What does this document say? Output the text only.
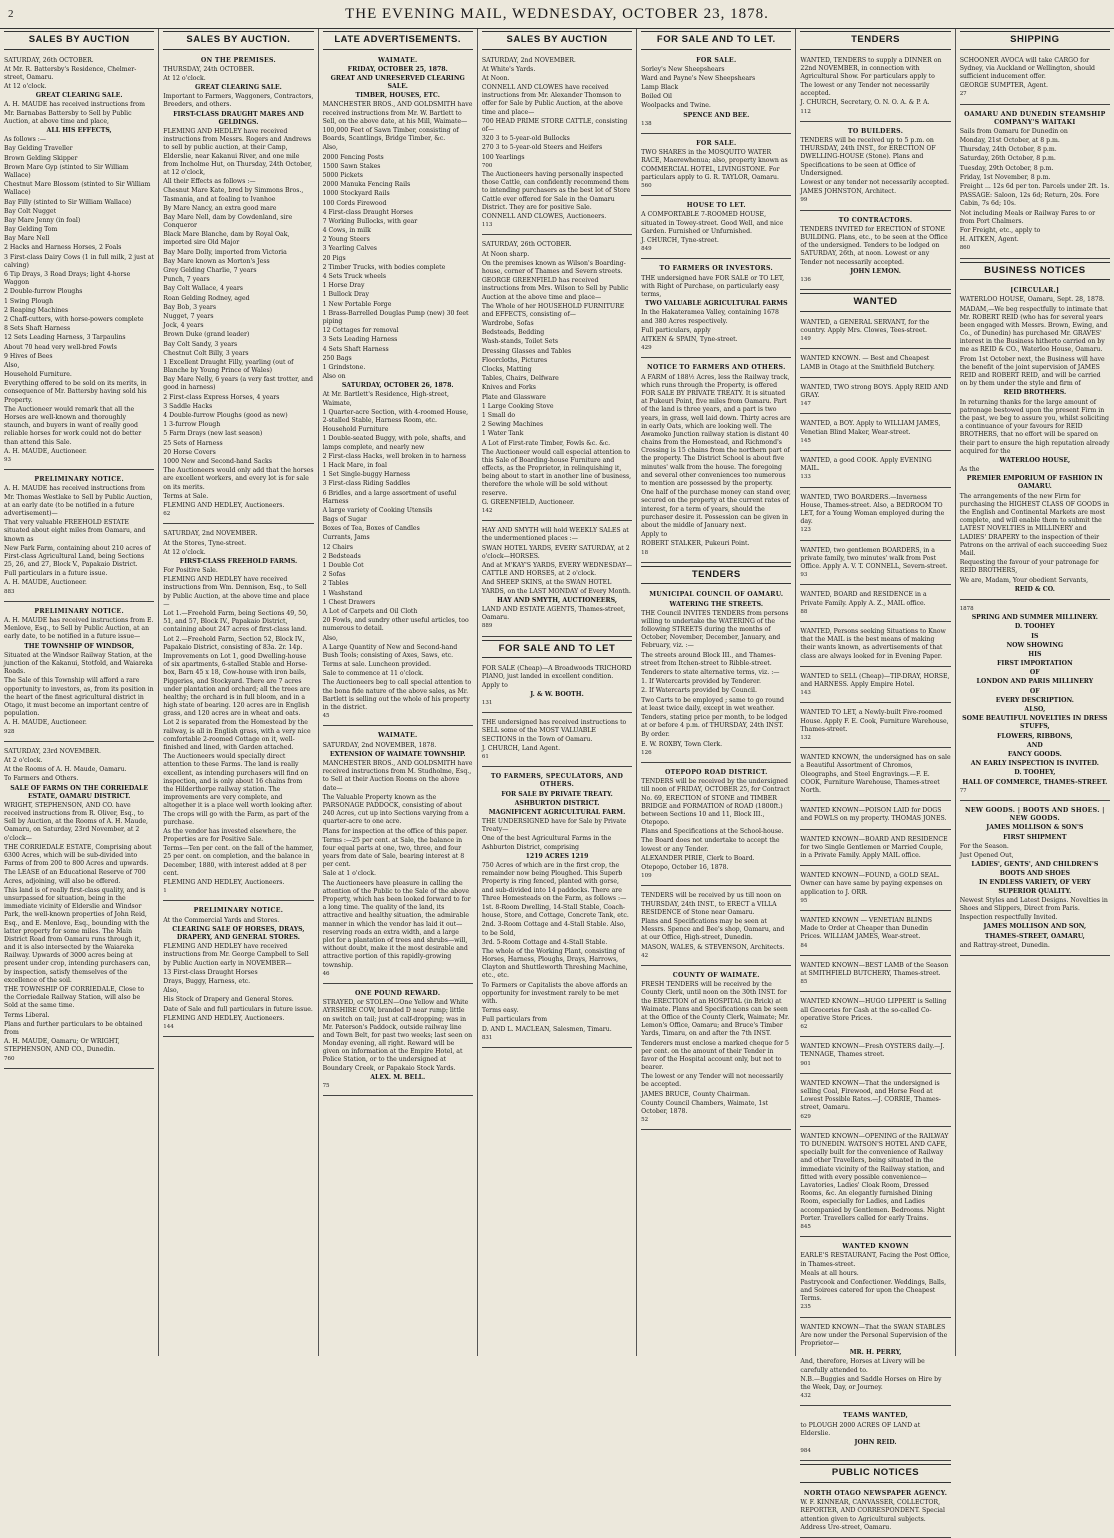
2	THE EVENING MAIL, WEDNESDAY, OCTOBER 23, 1878.
SALES BY AUCTION

SATURDAY, 26th OCTOBER.

At Mr. R. Battersby's Residence, Chelmer-street, Oamaru.

At 12 o'clock.

GREAT CLEARING SALE.

A. H. MAUDE has received instructions from Mr. Barnabas Battersby to Sell by Public Auction, at above time and place,

ALL HIS EFFECTS,

As follows :—

Bay Gelding Traveller

Brown Gelding Skipper

Brown Mare Gyp (stinted to Sir William Wallace)

Chestnut Mare Blossom (stinted to Sir William Wallace)

Bay Filly (stinted to Sir William Wallace)

Bay Colt Nugget

Bay Mare Jenny (in foal)

Bay Gelding Tom

Bay Mare Nell

2 Hacks and Harness Horses, 2 Foals

3 First-class Dairy Cows (1 in full milk, 2 just at calving)

6 Tip Drays, 3 Road Drays; light 4-horse Waggon

2 Double-furrow Ploughs

1 Swing Plough

2 Reaping Machines

2 Chaff-cutters, with horse-powers complete

8 Sets Shaft Harness

12 Sets Leading Harness, 3 Tarpaulins

About 70 head very well-bred Fowls

9 Hives of Bees

Also,

Household Furniture.

Everything offered to be sold on its merits, in consequence of Mr. Battersby having sold his Property.

The Auctioneer would remark that all the Horses are well-known and thoroughly staunch, and buyers in want of really good reliable horses for work could not do better than attend this Sale.

A. H. MAUDE, Auctioneer.

93

PRELIMINARY NOTICE.

A. H. MAUDE has received instructions from Mr. Thomas Westlake to Sell by Public Auction, at an early date (to be notified in a future advertisement)—

That very valuable FREEHOLD ESTATE situated about eight miles from Oamaru, and known as

New Park Farm, containing about 210 acres of First-class Agricultural Land, being Sections 25, 26, and 27, Block V., Papakaio District.

Full particulars in a future issue.

A. H. MAUDE, Auctioneer.

883

PRELIMINARY NOTICE.

A. H. MAUDE has received instructions from E. Menlove, Esq., to Sell by Public Auction, at an early date, to be notified in a future issue—

THE TOWNSHIP OF WINDSOR,

Situated at the Windsor Railway Station, at the junction of the Kakanui, Stotfold, and Waiareka Roads.

The Sale of this Township will afford a rare opportunity to investors, as, from its position in the heart of the finest agricultural district in Otago, it must become an important centre of population.

A. H. MAUDE, Auctioneer.

928

SATURDAY, 23rd NOVEMBER.

At 2 o'clock.

At the Rooms of A. H. Maude, Oamaru.

To Farmers and Others.

SALE OF FARMS ON THE CORRIEDALE ESTATE, OAMARU DISTRICT.

WRIGHT, STEPHENSON, AND CO. have received instructions from R. Oliver, Esq., to Sell by Auction, at the Rooms of A. H. Maude, Oamaru, on Saturday, 23rd November, at 2 o'clock—

THE CORRIEDALE ESTATE, Comprising about 6300 Acres, which will be sub-divided into Farms of from 200 to 800 Acres and upwards.

The LEASE of an Educational Reserve of 700 Acres, adjoining, will also be offered.

This land is of really first-class quality, and is unsurpassed for situation, being in the immediate vicinity of Elderslie and Windsor Park, the well-known properties of John Reid, Esq., and E. Menlove, Esq., bounding with the latter property for some miles. The Main District Road from Oamaru runs through it, and it is also intersected by the Waiareka Railway. Upwards of 3000 acres being at present under crop, intending purchasers can, by inspection, satisfy themselves of the excellence of the soil.

THE TOWNSHIP OF CORRIEDALE, Close to the Corriedale Railway Station, will also be Sold at the same time.

Terms Liberal.

Plans and further particulars to be obtained from

A. H. MAUDE, Oamaru; Or WRIGHT, STEPHENSON, AND CO., Dunedin.

760

SALES BY AUCTION.

ON THE PREMISES.

THURSDAY, 24th OCTOBER.

At 12 o'clock.

GREAT CLEARING SALE.

Important to Farmers, Waggoners, Contractors, Breeders, and others.

FIRST-CLASS DRAUGHT MARES AND GELDINGS.

FLEMING AND HEDLEY have received instructions from Messrs. Rogers and Andrews to sell by public auction, at their Camp, Elderslie, near Kakanui River, and one mile from Incholme Hut, on Thursday, 24th October, at 12 o'clock,

All their Effects as follows :—

Chesnut Mare Kate, bred by Simmons Bros., Tasmania, and at foaling to Ivanhoe

By Mare Nancy, an extra good mare

Bay Mare Nell, dam by Cowdenland, sire Conqueror

Black Mare Blanche, dam by Royal Oak, imported sire Old Major

Bay Mare Dolly, imported from Victoria

Bay Mare known as Morton's Jess

Grey Gelding Charlie, 7 years

Punch, 7 years

Bay Colt Wallace, 4 years

Roan Gelding Rodney, aged

Bay Bob, 3 years

Nugget, 7 years

Jock, 4 years

Brown Duke (grand leader)

Bay Colt Sandy, 3 years

Chestnut Colt Billy, 3 years

1 Excellent Draught Filly, yearling (out of Blanche by Young Prince of Wales)

Bay Mare Nelly, 6 years (a very fast trotter, and good in harness)

2 First-class Express Horses, 4 years

3 Saddle Hacks

4 Double-furrow Ploughs (good as new)

1 3-furrow Plough

5 Farm Drays (new last season)

25 Sets of Harness

20 Horse Covers

1000 New and Second-hand Sacks

The Auctioneers would only add that the horses are excellent workers, and every lot is for sale on its merits.

Terms at Sale.

FLEMING AND HEDLEY, Auctioneers.

62

SATURDAY, 2nd NOVEMBER.

At the Stores, Tyne-street.

At 12 o'clock.

FIRST-CLASS FREEHOLD FARMS.

For Positive Sale.

FLEMING AND HEDLEY have received instructions from Wm. Dennison, Esq., to Sell by Public Auction, at the above time and place—

Lot 1.—Freehold Farm, being Sections 49, 50, 51, and 57, Block IV., Papakaio District, containing about 247 acres of first-class land.

Lot 2.—Freehold Farm, Section 52, Block IV., Papakaio District, consisting of 83a. 2r. 14p.

Improvements on Lot 1, good Dwelling-house of six apartments, 6-stalled Stable and Horse-box, Barn 45 x 18, Cow-house with iron bails, Piggeries, and Stockyard. There are 7 acres under plantation and orchard; all the trees are healthy; the orchard is in full bloom, and in a high state of bearing. 120 acres are in English grass, and 120 acres are in wheat and oats.

Lot 2 is separated from the Homestead by the railway, is all in English grass, with a very nice comfortable 2-roomed Cottage on it, well-finished and lined, with Garden attached.

The Auctioneers would specially direct attention to these Farms. The land is really excellent, as intending purchasers will find on inspection, and is only about 16 chains from the Hilderthorpe railway station. The improvements are very complete, and altogether it is a place well worth looking after. The crops will go with the Farm, as part of the purchase.

As the vendor has invested elsewhere, the Properties are for Positive Sale.

Terms—Ten per cent. on the fall of the hammer, 25 per cent. on completion, and the balance in December, 1880, with interest added at 8 per cent.

FLEMING AND HEDLEY, Auctioneers.

1

PRELIMINARY NOTICE.

At the Commercial Yards and Stores.

CLEARING SALE OF HORSES, DRAYS, DRAPERY, AND GENERAL STORES.

FLEMING AND HEDLEY have received instructions from Mr. George Campbell to Sell by Public Auction early in NOVEMBER—

13 First-class Draught Horses

Drays, Buggy, Harness, etc.

Also,

His Stock of Drapery and General Stores.

Date of Sale and full particulars in future issue.

FLEMING AND HEDLEY, Auctioneers.

144

LATE ADVERTISEMENTS.

WAIMATE.

FRIDAY, OCTOBER 25, 1878.

GREAT AND UNRESERVED CLEARING SALE.

TIMBER, HOUSES, ETC.

MANCHESTER BROS., AND GOLDSMITH have received instructions from Mr. W. Bartlett to Sell, on the above date, at his Mill, Waimate—

100,000 Feet of Sawn Timber, consisting of Boards, Scantlings, Bridge Timber, &c.

Also,

2000 Fencing Posts

1500 Sawn Stakes

5000 Pickets

2000 Manuka Fencing Rails

1000 Stockyard Rails

100 Cords Firewood

4 First-class Draught Horses

7 Working Bullocks, with gear

4 Cows, in milk

2 Young Steers

3 Yearling Calves

20 Pigs

2 Timber Trucks, with bodies complete

4 Sets Truck wheels

1 Horse Dray

1 Bullock Dray

1 New Portable Forge

1 Brass-Barrelled Douglas Pump (new) 30 feet piping

12 Cottages for removal

3 Sets Leading Harness

4 Sets Shaft Harness

250 Bags

1 Grindstone.

Also on

SATURDAY, OCTOBER 26, 1878.

At Mr. Bartlett's Residence, High-street, Waimate,

1 Quarter-acre Section, with 4-roomed House, 2-stalled Stable, Harness Room, etc.

Household Furniture

1 Double-seated Buggy, with pole, shafts, and lamps complete, and nearly new

2 First-class Hacks, well broken in to harness

1 Hack Mare, in foal

1 Set Single-buggy Harness

3 First-class Riding Saddles

6 Bridles, and a large assortment of useful Harness

A large variety of Cooking Utensils

Bags of Sugar

Boxes of Tea, Boxes of Candles

Currants, Jams

12 Chairs

2 Bedsteads

1 Double Cot

2 Sofas

2 Tables

1 Washstand

1 Chest Drawers

A Lot of Carpets and Oil Cloth

20 Fowls, and sundry other useful articles, too numerous to detail.

Also,

A Large Quantity of New and Second-hand Bush Tools; consisting of Axes, Saws, etc.

Terms at sale. Luncheon provided.

Sale to commence at 11 o'clock.

The Auctioneers beg to call special attention to the bona fide nature of the above sales, as Mr. Bartlett is selling out the whole of his property in the district.

45

WAIMATE.

SATURDAY, 2nd NOVEMBER, 1878.

EXTENSION OF WAIMATE TOWNSHIP.

MANCHESTER BROS., AND GOLDSMITH have received instructions from M. Studholme, Esq., to Sell at their Auction Rooms on the above date—

The Valuable Property known as the PARSONAGE PADDOCK, consisting of about 240 Acres, cut up into Sections varying from a quarter-acre to one acre.

Plans for inspection at the office of this paper.

Terms :—25 per cent. at Sale, the balance in four equal parts at one, two, three, and four years from date of Sale, bearing interest at 8 per cent.

Sale at 1 o'clock.

The Auctioneers have pleasure in calling the attention of the Public to the Sale of the above Property, which has been looked forward to for a long time. The quality of the land, its attractive and healthy situation, the admirable manner in which the vendor has laid it out—reserving roads an extra width, and a large plot for a plantation of trees and shrubs—will, without doubt, make it the most desirable and attractive portion of this rapidly-growing township.

46

ONE POUND REWARD.

STRAYED, or STOLEN—One Yellow and White AYRSHIRE COW, branded D near rump; little on switch on tail; just at calf-dropping; was in Mr. Paterson's Paddock, outside railway line and Town Belt, for past two weeks; last seen on Monday evening, all right. Reward will be given on information at the Empire Hotel, at Police Station, or to the undersigned at Boundary Creek, or Papakaio Stock Yards.

ALEX. M. BELL.

75

SALES BY AUCTION

SATURDAY, 2nd NOVEMBER.

At White's Yards.

At Noon.

CONNELL AND CLOWES have received instructions from Mr. Alexander Thomson to offer for Sale by Public Auction, at the above time and place—

700 HEAD PRIME STORE CATTLE, consisting of—

320 3 to 5-year-old Bullocks

270 3 to 5-year-old Steers and Heifers

100 Yearlings

700

The Auctioneers having personally inspected those Cattle, can confidently recommend them to intending purchasers as the best lot of Store Cattle ever offered for Sale in the Oamaru District. They are for positive Sale.

CONNELL AND CLOWES, Auctioneers.

113

SATURDAY, 26th OCTOBER.

At Noon sharp.

On the premises known as Wilson's Boarding-house, corner of Thames and Severn streets.

GEORGE GREENFIELD has received instructions from Mrs. Wilson to Sell by Public Auction at the above time and place—

The Whole of her HOUSEHOLD FURNITURE and EFFECTS, consisting of—

Wardrobe, Sofas

Bedsteads, Bedding

Wash-stands, Toilet Sets

Dressing Glasses and Tables

Floorcloths, Pictures

Clocks, Matting

Tables, Chairs, Delfware

Knives and Forks

Plate and Glassware

1 Large Cooking Stove

1 Small do

2 Sewing Machines

1 Water Tank

A Lot of First-rate Timber, Fowls &c. &c.

The Auctioneer would call especial attention to this Sale of Boarding-house Furniture and effects, as the Proprietor, in relinquishing it, being about to start in another line of business, therefore the whole will be sold without reserve.

G. GREENFIELD, Auctioneer.

142

HAY AND SMYTH will hold WEEKLY SALES at the undermentioned places :—

SWAN HOTEL YARDS, EVERY SATURDAY, at 2 o'clock—HORSES.

And at M'KAY'S YARDS, EVERY WEDNESDAY—CATTLE AND HORSES, at 2 o'clock.

And SHEEP SKINS, at the SWAN HOTEL YARDS, on the LAST MONDAY of Every Month.

HAY AND SMYTH, AUCTIONEERS,

LAND AND ESTATE AGENTS, Thames-street, Oamaru.

889

FOR SALE AND TO LET

FOR SALE (Cheap)—A Broadwoods TRICHORD PIANO, just landed in excellent condition. Apply to

J. & W. BOOTH.

131

THE undersigned has received instructions to SELL some of the MOST VALUABLE SECTIONS in the Town of Oamaru.

J. CHURCH, Land Agent.

61

TO FARMERS, SPECULATORS, AND OTHERS.

FOR SALE BY PRIVATE TREATY.

ASHBURTON DISTRICT.

MAGNIFICENT AGRICULTURAL FARM.

THE UNDERSIGNED have for Sale by Private Treaty—

One of the best Agricultural Farms in the Ashburton District, comprising

1219 ACRES 1219

750 Acres of which are in the first crop, the remainder now being Ploughed. This Superb Property is ring fenced, planted with gorse, and sub-divided into 14 paddocks. There are Three Homesteads on the Farm, as follows :—

1st. 8-Room Dwelling, 14-Stall Stable, Coach-house, Store, and Cottage, Concrete Tank, etc.

2nd. 3-Room Cottage and 4-Stall Stable. Also, to be Sold,

3rd. 5-Room Cottage and 4-Stall Stable.

The whole of the Working Plant, consisting of Horses, Harness, Ploughs, Drays, Harrows, Clayton and Shuttleworth Threshing Machine, etc., etc.

To Farmers or Capitalists the above affords an opportunity for investment rarely to be met with.

Terms easy.

Full particulars from

D. AND L. MACLEAN, Salesmen, Timaru.

831

FOR SALE AND TO LET.

FOR SALE.

Sorley's New Sheepshears

Ward and Payne's New Sheepshears

Lamp Black

Boiled Oil

Woolpacks and Twine.

SPENCE AND BEE.

138

FOR SALE.

TWO SHARES in the MOSQUITO WATER RACE, Maerewhenua; also, property known as COMMERCIAL HOTEL, LIVINGSTONE. For particulars apply to G. R. TAYLOR, Oamaru.

560

HOUSE TO LET.

A COMFORTABLE 7-ROOMED HOUSE, situated in Towey-street. Good Well, and nice Garden. Furnished or Unfurnished.

J. CHURCH, Tyne-street.

849

TO FARMERS OR INVESTORS.

THE undersigned have FOR SALE or TO LET, with Right of Purchase, on particularly easy terms,

TWO VALUABLE AGRICULTURAL FARMS

In the Hakateramea Valley, containing 1678 and 380 Acres respectively.

Full particulars, apply

AITKEN & SPAIN, Tyne-street.

429

NOTICE TO FARMERS AND OTHERS.

A FARM of 188½ Acres, less the Railway track, which runs through the Property, is offered FOR SALE BY PRIVATE TREATY. It is situated at Pukeuri Point, five miles from Oamaru. Part of the land is three years, and a part is two years, in grass, well laid down. Thirty acres are in early Oats, which are looking well. The Awamoko Junction railway station is distant 40 chains from the Homestead, and Richmond's Crossing is 15 chains from the northern part of the property. The District School is about five minutes' walk from the house. The foregoing and several other conveniences too numerous to mention are possessed by the property.

One half of the purchase money can stand over, secured on the property at the current rates of interest, for a term of years, should the purchaser desire it. Possession can be given in about the middle of January next.

Apply to

ROBERT STALKER, Pukeuri Point.

18

TENDERS

MUNICIPAL COUNCIL OF OAMARU.

WATERING THE STREETS.

THE Council INVITES TENDERS from persons willing to undertake the WATERING of the following STREETS during the months of October, November, December, January, and February, viz. :—

The streets around Block III., and Thames-street from Itchen-street to Ribble-street.

Tenderers to state alternative terms, viz. :—

1. If Watercarts provided by Tenderer.

2. If Watercarts provided by Council.

Two Carts to be employed ; same to go round at least twice daily, except in wet weather.

Tenders, stating price per month, to be lodged at or before 4 p.m. of THURSDAY, 24th INST.

By order.

E. W. ROXBY, Town Clerk.

126

OTEPOPO ROAD DISTRICT.

TENDERS will be received by the undersigned till noon of FRIDAY, OCTOBER 25, for Contract No. 69, ERECTION of STONE and TIMBER BRIDGE and FORMATION of ROAD (1800ft.) between Sections 10 and 11, Block III., Otepopo.

Plans and Specifications at the School-house.

The Board does not undertake to accept the lowest or any Tender.

ALEXANDER PIRIE, Clerk to Board.

Otepopo, October 16, 1878.

109

TENDERS will be received by us till noon on THURSDAY, 24th INST., to ERECT a VILLA RESIDENCE of Stone near Oamaru.

Plans and Specifications may be seen at Messrs. Spence and Bee's shop, Oamaru, and at our Office, High-street, Dunedin.

MASON, WALES, & STEVENSON, Architects.

42

COUNTY OF WAIMATE.

FRESH TENDERS will be received by the County Clerk, until noon on the 30th INST. for the ERECTION of an HOSPITAL (in Brick) at Waimate. Plans and Specifications can be seen at the Office of the County Clerk, Waimate; Mr. Lemon's Office, Oamaru; and Bruce's Timber Yards, Timaru, on and after the 7th INST.

Tenderers must enclose a marked cheque for 5 per cent. on the amount of their Tender in favor of the Hospital account only, but not to bearer.

The lowest or any Tender will not necessarily be accepted.

JAMES BRUCE, County Chairman.

County Council Chambers, Waimate, 1st October, 1878.

52

TENDERS

WANTED, TENDERS to supply a DINNER on 22nd NOVEMBER, in connection with Agricultural Show. For particulars apply to

The lowest or any Tender not necessarily accepted.

J. CHURCH, Secretary, O. N. O. A. & P. A.

112

TO BUILDERS.

TENDERS will be received up to 5 p.m. on THURSDAY, 24th INST., for ERECTION OF DWELLING-HOUSE (Stone). Plans and Specifications to be seen at Office of Undersigned.

Lowest or any tender not necessarily accepted.

JAMES JOHNSTON, Architect.

99

TO CONTRACTORS.

TENDERS INVITED for ERECTION of STONE BUILDING. Plans, etc., to be seen at the Office of the undersigned. Tenders to be lodged on SATURDAY, 26th, at noon. Lowest or any Tender not necessarily accepted.

JOHN LEMON.

136

WANTED

WANTED, a GENERAL SERVANT, for the country. Apply Mrs. Clowes, Tees-street.

149

WANTED KNOWN. — Best and Cheapest LAMB in Otago at the Smithfield Butchery.

WANTED, TWO strong BOYS. Apply REID AND GRAY.

147

WANTED, a BOY. Apply to WILLIAM JAMES, Venetian Blind Maker, Wear-street.

145

WANTED, a good COOK. Apply EVENING MAIL.

133

WANTED, TWO BOARDERS.—Inverness House, Thames-street. Also, a BEDROOM TO LET, for a Young Woman employed during the day.

123

WANTED, two gentlemen BOARDERS, in a private family, two minutes' walk from Post Office. Apply A. V. T. CONNELL, Severn-street.

93

WANTED, BOARD and RESIDENCE in a Private Family. Apply A. Z., MAIL office.

88

WANTED, Persons seeking Situations to Know that the MAIL is the best means of making their wants known, as advertisements of that class are always looked for in Evening Paper.

WANTED to SELL (Cheap)—TIP-DRAY, HORSE, and HARNESS. Apply Empire Hotel.

143

WANTED TO LET, a Newly-built Five-roomed House. Apply F. E. Cook, Furniture Warehouse, Thames-street.

132

WANTED KNOWN, the undersigned has on sale a Beautiful Assortment of Chromos, Oleographs, and Steel Engravings.—F. E. COOK, Furniture Warehouse, Thames-street North.

WANTED KNOWN—POISON LAID for DOGS and FOWLS on my property. THOMAS JONES.

WANTED KNOWN—BOARD AND RESIDENCE for two Single Gentlemen or Married Couple, in a Private Family. Apply MAIL office.

WANTED KNOWN—FOUND, a GOLD SEAL. Owner can have same by paying expenses on application to J. ORR.

95

WANTED KNOWN — VENETIAN BLINDS Made to Order at Cheaper than Dunedin Prices. WILLIAM JAMES, Wear-street.

84

WANTED KNOWN—BEST LAMB of the Season at SMITHFIELD BUTCHERY, Thames-street.

85

WANTED KNOWN—HUGO LIPPERT is Selling all Groceries for Cash at the so-called Co-operative Store Prices.

62

WANTED KNOWN—Fresh OYSTERS daily.—J. TENNAGE, Thames street.

901

WANTED KNOWN—That the undersigned is selling Coal, Firewood, and Horse Feed at Lowest Possible Rates.—J. CORRIE, Thames-street, Oamaru.

629

WANTED KNOWN—OPENING of the RAILWAY TO DUNEDIN. WATSON'S HOTEL AND CAFE, specially built for the convenience of Railway and other Travellers, being situated in the immediate vicinity of the Railway station, and fitted with every possible convenience—Lavatories, Ladies' Cloak Room, Dressed Rooms, &c. An elegantly furnished Dining Room, especially for Ladies, and Ladies accompanied by Gentlemen. Bedrooms. Night Porter. Travellers called for early Trains.

845

WANTED KNOWN

EARLE'S RESTAURANT, Facing the Post Office, in Thames-street.

Meals at all hours.

Pastrycook and Confectioner. Weddings, Balls, and Soirees catered for upon the Cheapest Terms.

235

WANTED KNOWN—That the SWAN STABLES Are now under the Personal Supervision of the Proprietor—

MR. H. PERRY,

And, therefore, Horses at Livery will be carefully attended to.

N.B.—Buggies and Saddle Horses on Hire by the Week, Day, or Journey.

432

TEAMS WANTED,

to PLOUGH 2000 ACRES OF LAND at Elderslie.

JOHN REID.

984

PUBLIC NOTICES

NORTH OTAGO NEWSPAPER AGENCY.

W. F. KINNEAR, CANVASSER, COLLECTOR, REPORTER, AND CORRESPONDENT. Special attention given to Agricultural subjects. Address Ure-street, Oamaru.

SHIPPING

SCHOONER AVOCA will take CARGO for Sydney, via Auckland or Wellington, should sufficient inducement offer.

GEORGE SUMPTER, Agent.

27

OAMARU AND DUNEDIN STEAMSHIP COMPANY'S WAITAKI

Sails from Oamaru for Dunedin on

Monday, 21st October, at 8 p.m.

Thursday, 24th October, 8 p.m.

Saturday, 26th October, 8 p.m.

Tuesday, 29th October, 8 p.m.

Friday, 1st November, 8 p.m.

Freight ... 12s 6d per ton. Parcels under 2ft. 1s.

PASSAGE: Saloon, 12s 6d; Return, 20s. Fore Cabin, 7s 6d; 10s.

Not including Meals or Railway Fares to or from Port Chalmers.

For Freight, etc., apply to

H. AITKEN, Agent.

860

BUSINESS NOTICES

[CIRCULAR.]

WATERLOO HOUSE, Oamaru, Sept. 28, 1878.

MADAM,—We beg respectfully to intimate that Mr. ROBERT REID (who has for several years been engaged with Messrs. Brown, Ewing, and Co., of Dunedin) has purchased Mr. GRAVES' interest in the Business hitherto carried on by me as REID & CO., Waterloo House, Oamaru.

From 1st October next, the Business will have the benefit of the joint supervision of JAMES REID and ROBERT REID, and will be carried on by them under the style and firm of

REID BROTHERS.

In returning thanks for the large amount of patronage bestowed upon the present Firm in the past, we beg to assure you, whilst soliciting a continuance of your favours for REID BROTHERS, that no effort will be spared on their part to ensure the high reputation already acquired for the

WATERLOO HOUSE,

As the

PREMIER EMPORIUM OF FASHION IN OAMARU.

The arrangements of the new Firm for purchasing the HIGHEST CLASS OF GOODS in the English and Continental Markets are most complete, and will enable them to submit the LATEST NOVELTIES in MILLINERY and LADIES' DRAPERY to the inspection of their Patrons on the arrival of each succeeding Suez Mail.

Requesting the favour of your patronage for REID BROTHERS,

We are, Madam, Your obedient Servants,

REID & CO.

1878

SPRING AND SUMMER MILLINERY.

D. TOOHEY

IS

NOW SHOWING

HIS

FIRST IMPORTATION

OF

LONDON AND PARIS MILLINERY

OF

EVERY DESCRIPTION.

ALSO,

SOME BEAUTIFUL NOVELTIES IN DRESS STUFFS,

FLOWERS, RIBBONS,

AND

FANCY GOODS.

AN EARLY INSPECTION IS INVITED.

D. TOOHEY,

HALL OF COMMERCE, THAMES-STREET.

77

NEW GOODS. | BOOTS AND SHOES. | NEW GOODS.

JAMES MOLLISON & SON'S

FIRST SHIPMENT

For the Season.

Just Opened Out,

LADIES', GENTS', AND CHILDREN'S

BOOTS AND SHOES

IN ENDLESS VARIETY, OF VERY SUPERIOR QUALITY.

Newest Styles and Latest Designs. Novelties in Shoes and Slippers, Direct from Paris.

Inspection respectfully Invited.

JAMES MOLLISON AND SON,

THAMES-STREET, OAMARU,

and Rattray-street, Dunedin.
